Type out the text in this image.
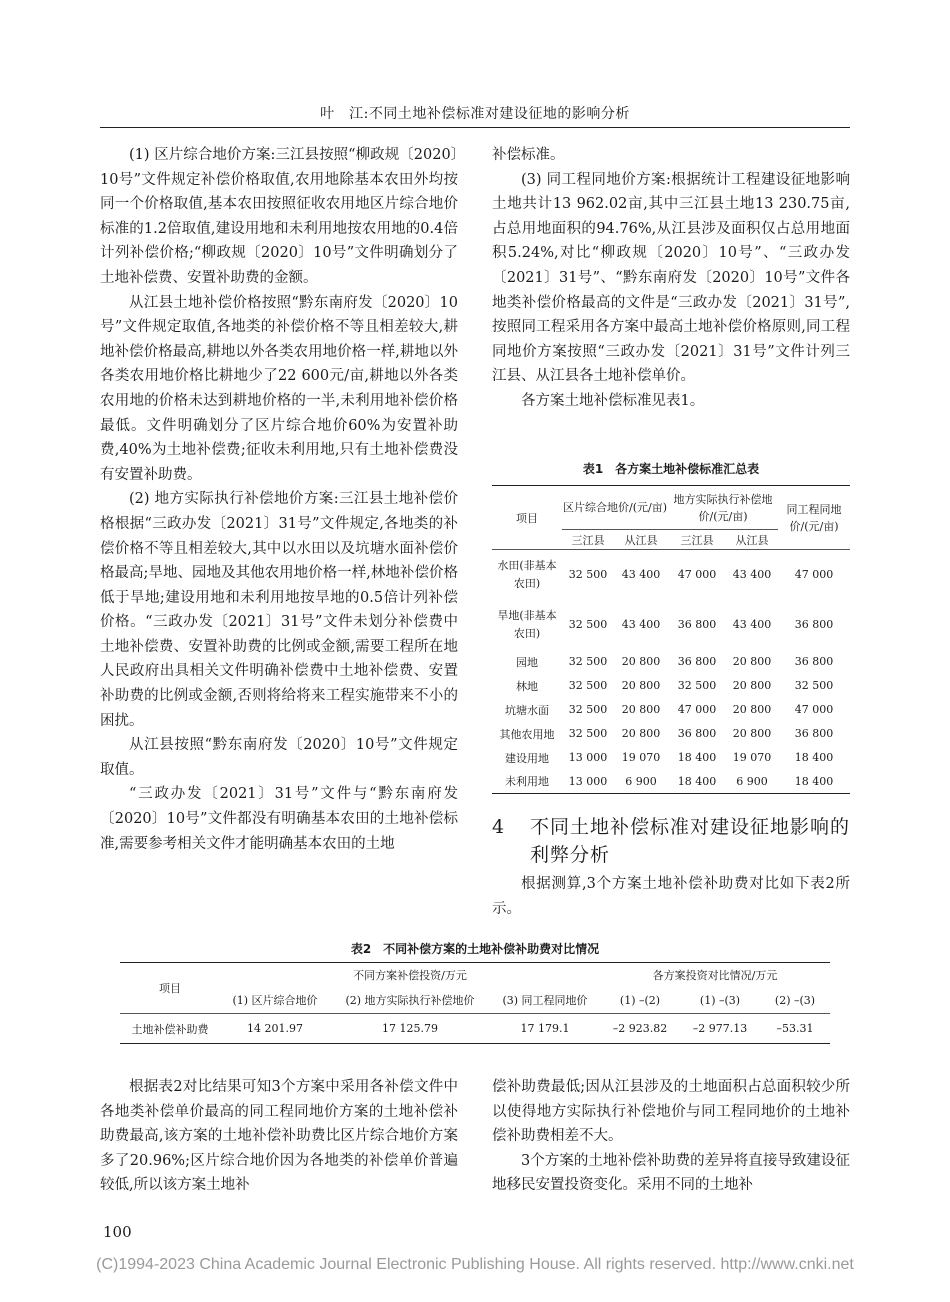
叶　江:不同土地补偿标准对建设征地的影响分析

(1) 区片综合地价方案:三江县按照“柳政规〔2020〕10号”文件规定补偿价格取值,农用地除基本农田外均按同一个价格取值,基本农田按照征收农用地区片综合地价标准的1.2倍取值,建设用地和未利用地按农用地的0.4倍计列补偿价格;“柳政规〔2020〕10号”文件明确划分了土地补偿费、安置补助费的金额。

从江县土地补偿价格按照“黔东南府发〔2020〕10号”文件规定取值,各地类的补偿价格不等且相差较大,耕地补偿价格最高,耕地以外各类农用地价格一样,耕地以外各类农用地价格比耕地少了22 600元/亩,耕地以外各类农用地的价格未达到耕地价格的一半,未利用地补偿价格最低。文件明确划分了区片综合地价60%为安置补助费,40%为土地补偿费;征收未利用地,只有土地补偿费没有安置补助费。

(2) 地方实际执行补偿地价方案:三江县土地补偿价格根据“三政办发〔2021〕31号”文件规定,各地类的补偿价格不等且相差较大,其中以水田以及坑塘水面补偿价格最高;旱地、园地及其他农用地价格一样,林地补偿价格低于旱地;建设用地和未利用地按旱地的0.5倍计列补偿价格。“三政办发〔2021〕31号”文件未划分补偿费中土地补偿费、安置补助费的比例或金额,需要工程所在地人民政府出具相关文件明确补偿费中土地补偿费、安置补助费的比例或金额,否则将给将来工程实施带来不小的困扰。

从江县按照“黔东南府发〔2020〕10号”文件规定取值。

“三政办发〔2021〕31号”文件与“黔东南府发〔2020〕10号”文件都没有明确基本农田的土地补偿标准,需要参考相关文件才能明确基本农田的土地

补偿标准。

(3) 同工程同地价方案:根据统计工程建设征地影响土地共计13 962.02亩,其中三江县土地13 230.75亩,占总用地面积的94.76%,从江县涉及面积仅占总用地面积5.24%,对比“柳政规〔2020〕10号”、“三政办发〔2021〕31号”、“黔东南府发〔2020〕10号”文件各地类补偿价格最高的文件是“三政办发〔2021〕31号”,按照同工程采用各方案中最高土地补偿价格原则,同工程同地价方案按照“三政办发〔2021〕31号”文件计列三江县、从江县各土地补偿单价。

各方案土地补偿标准见表1。

表1　各方案土地补偿标准汇总表
项目	区片综合地价/(元/亩)		地方实际执行补偿地价/(元/亩)		同工程同地价/(元/亩)
	三江县	从江县	三江县	从江县	
水田(非基本农田)	32 500	43 400	47 000	43 400	47 000
旱地(非基本农田)	32 500	43 400	36 800	43 400	36 800
园地	32 500	20 800	36 800	20 800	36 800
林地	32 500	20 800	32 500	20 800	32 500
坑塘水面	32 500	20 800	47 000	20 800	47 000
其他农用地	32 500	20 800	36 800	20 800	36 800
建设用地	13 000	19 070	18 400	19 070	18 400
未利用地	13 000	6 900	18 400	6 900	18 400
4	不同土地补偿标准对建设征地影响的利弊分析

根据测算,3个方案土地补偿补助费对比如下表2所示。

表2　不同补偿方案的土地补偿补助费对比情况
项目	不同方案补偿投资/万元			各方案投资对比情况/万元		
	(1) 区片综合地价	(2) 地方实际执行补偿地价	(3) 同工程同地价	(1) –(2)	(1) –(3)	(2) –(3)
土地补偿补助费	14 201.97	17 125.79	17 179.1	–2 923.82	–2 977.13	–53.31

根据表2对比结果可知3个方案中采用各补偿文件中各地类补偿单价最高的同工程同地价方案的土地补偿补助费最高,该方案的土地补偿补助费比区片综合地价方案多了20.96%;区片综合地价因为各地类的补偿单价普遍较低,所以该方案土地补

偿补助费最低;因从江县涉及的土地面积占总面积较少所以使得地方实际执行补偿地价与同工程同地价的土地补偿补助费相差不大。

3个方案的土地补偿补助费的差异将直接导致建设征地移民安置投资变化。采用不同的土地补

100
(C)1994-2023 China Academic Journal Electronic Publishing House. All rights reserved. http://www.cnki.net
